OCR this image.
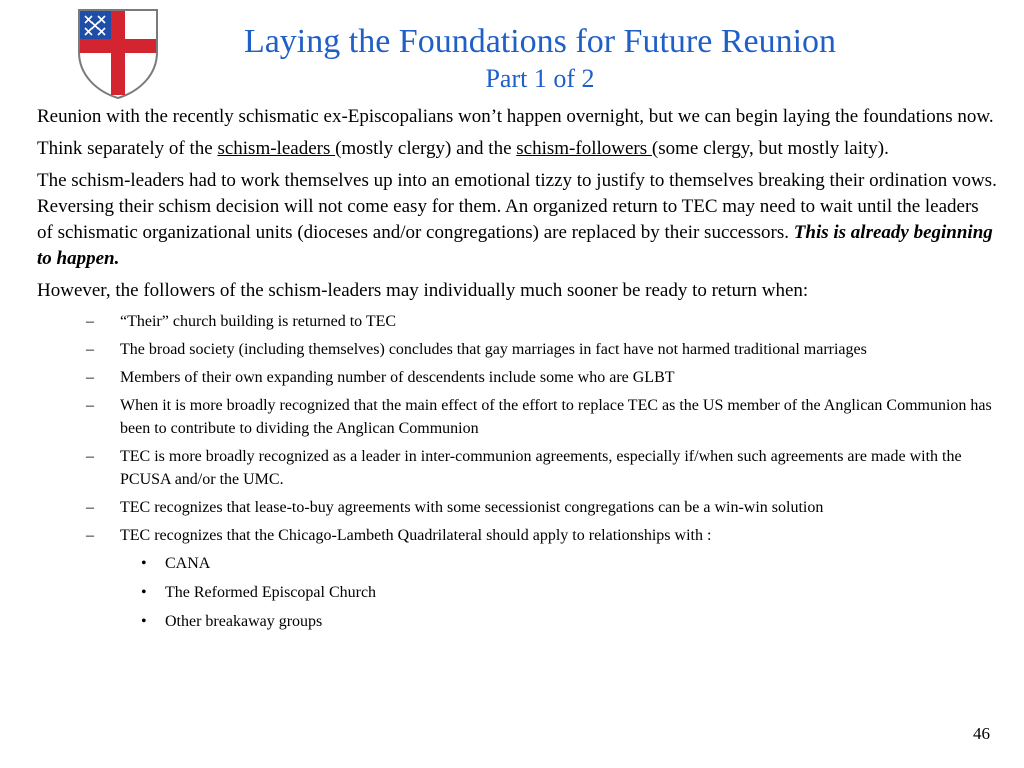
Laying the Foundations for Future Reunion
Part 1 of 2

Reunion with the recently schismatic ex-Episcopalians won’t happen overnight, but we can begin laying the foundations now.

Think separately of the schism-leaders (mostly clergy) and the schism-followers (some clergy, but mostly laity).

The schism-leaders had to work themselves up into an emotional tizzy to justify to themselves breaking their ordination vows. Reversing their schism decision will not come easy for them. An organized return to TEC may need to wait until the leaders of schismatic organizational units (dioceses and/or congregations) are replaced by their successors. This is already beginning to happen.

However, the followers of the schism-leaders may individually much sooner be ready to return when:

– “Their” church building is returned to TEC
– The broad society (including themselves) concludes that gay marriages in fact have not harmed traditional marriages
– Members of their own expanding number of descendents include some who are GLBT
– When it is more broadly recognized that the main effect of the effort to replace TEC as the US member of the Anglican Communion has been to contribute to dividing the Anglican Communion
– TEC is more broadly recognized as a leader in inter-communion agreements, especially if/when such agreements are made with the PCUSA and/or the UMC.
– TEC recognizes that lease-to-buy agreements with some secessionist congregations can be a win-win solution
– TEC recognizes that the Chicago-Lambeth Quadrilateral should apply to relationships with :
• CANA
• The Reformed Episcopal Church
• Other breakaway groups
46
